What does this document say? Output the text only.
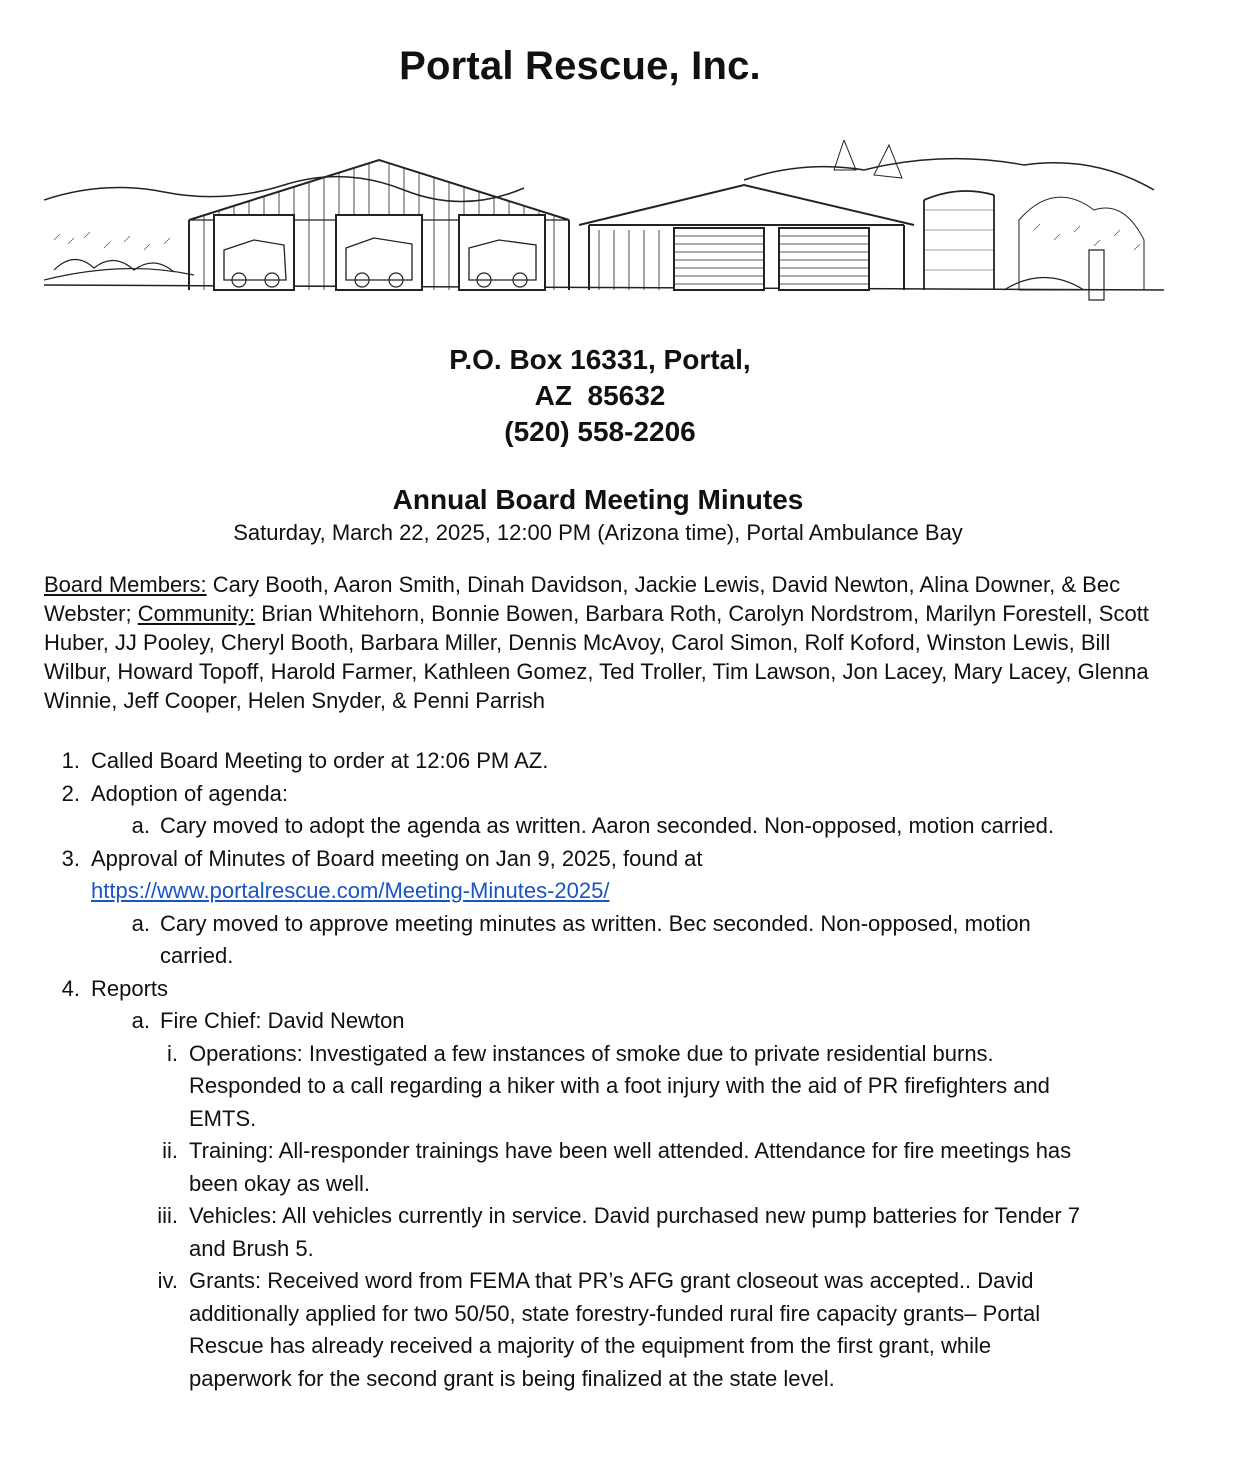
Portal Rescue, Inc.
P.O. Box 16331, Portal,
AZ  85632
(520) 558-2206
Annual Board Meeting Minutes
Saturday, March 22, 2025, 12:00 PM (Arizona time), Portal Ambulance Bay
Board Members: Cary Booth, Aaron Smith, Dinah Davidson, Jackie Lewis, David Newton, Alina Downer, & Bec Webster; Community: Brian Whitehorn, Bonnie Bowen, Barbara Roth, Carolyn Nordstrom, Marilyn Forestell, Scott Huber, JJ Pooley, Cheryl Booth, Barbara Miller, Dennis McAvoy, Carol Simon, Rolf Koford, Winston Lewis, Bill Wilbur, Howard Topoff, Harold Farmer, Kathleen Gomez, Ted Troller, Tim Lawson, Jon Lacey, Mary Lacey, Glenna Winnie, Jeff Cooper, Helen Snyder, & Penni Parrish
1. Called Board Meeting to order at 12:06 PM AZ.
2. Adoption of agenda:
a. Cary moved to adopt the agenda as written. Aaron seconded. Non-opposed, motion carried.
3. Approval of Minutes of Board meeting on Jan 9, 2025, found at
https://www.portalrescue.com/Meeting-Minutes-2025/
a. Cary moved to approve meeting minutes as written. Bec seconded. Non-opposed, motion
carried.
4. Reports
a. Fire Chief: David Newton
i. Operations: Investigated a few instances of smoke due to private residential burns.
Responded to a call regarding a hiker with a foot injury with the aid of PR firefighters and
EMTS.
ii. Training: All-responder trainings have been well attended. Attendance for fire meetings has
been okay as well.
iii. Vehicles: All vehicles currently in service. David purchased new pump batteries for Tender 7
and Brush 5.
iv. Grants: Received word from FEMA that PR’s AFG grant closeout was accepted.. David
additionally applied for two 50/50, state forestry-funded rural fire capacity grants– Portal
Rescue has already received a majority of the equipment from the first grant, while
paperwork for the second grant is being finalized at the state level.
